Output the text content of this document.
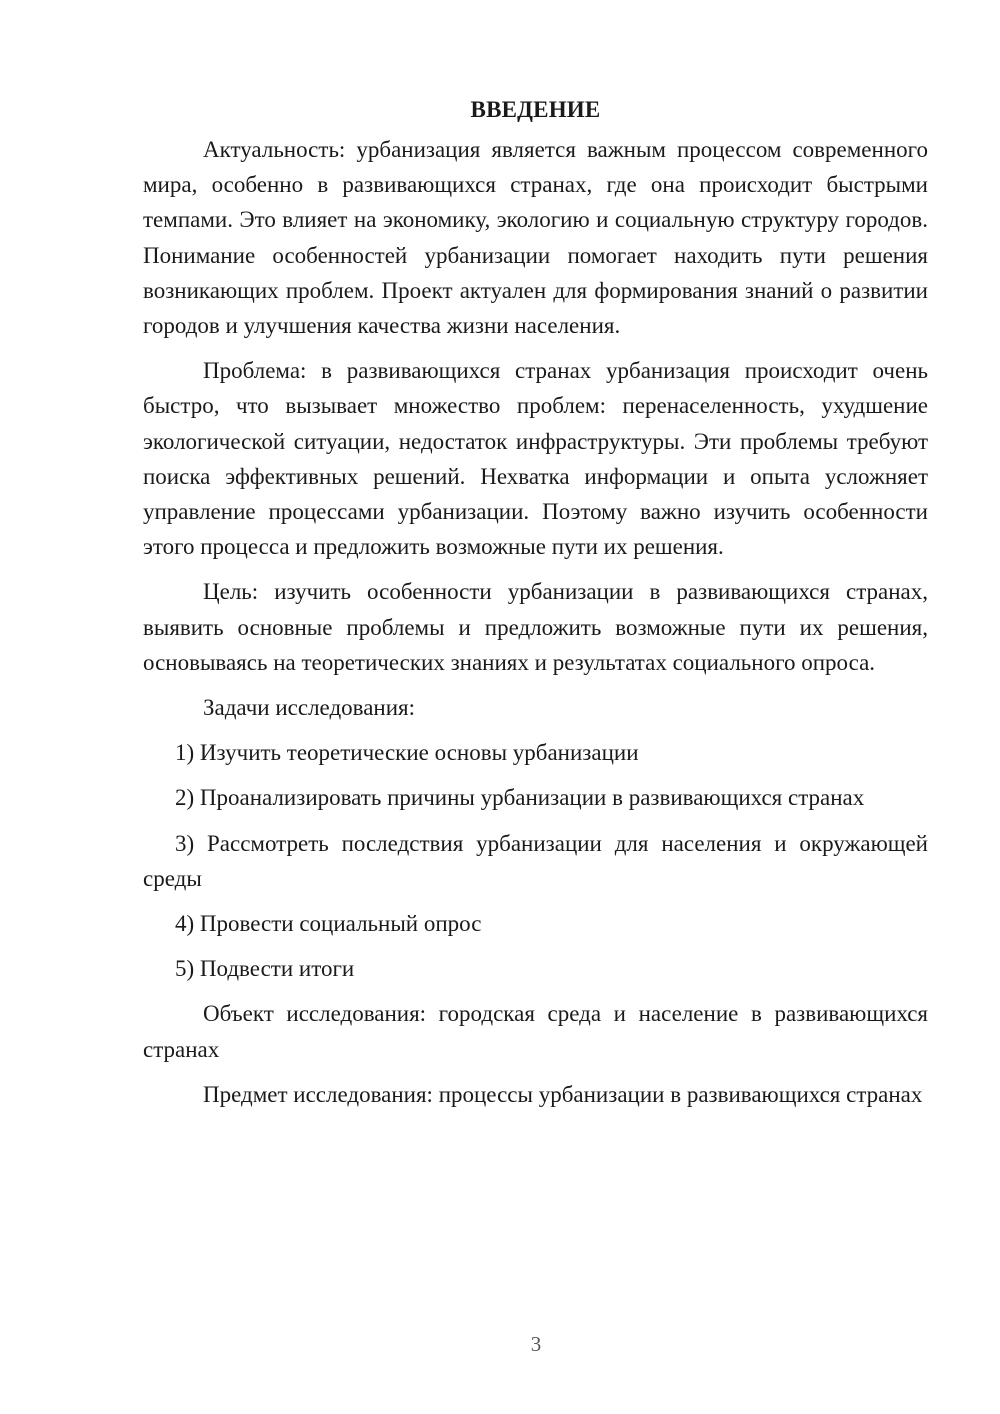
ВВЕДЕНИЕ

Актуальность: урбанизация является важным процессом современного мира, особенно в развивающихся странах, где она происходит быстрыми темпами. Это влияет на экономику, экологию и социальную структуру городов. Понимание особенностей урбанизации помогает находить пути решения возникающих проблем. Проект актуален для формирования знаний о развитии городов и улучшения качества жизни населения.

Проблема: в развивающихся странах урбанизация происходит очень быстро, что вызывает множество проблем: перенаселенность, ухудшение экологической ситуации, недостаток инфраструктуры. Эти проблемы требуют поиска эффективных решений. Нехватка информации и опыта усложняет управление процессами урбанизации. Поэтому важно изучить особенности этого процесса и предложить возможные пути их решения.

Цель: изучить особенности урбанизации в развивающихся странах, выявить основные проблемы и предложить возможные пути их решения, основываясь на теоретических знаниях и результатах социального опроса.

Задачи исследования:

1) Изучить теоретические основы урбанизации

2) Проанализировать причины урбанизации в развивающихся странах

3) Рассмотреть последствия урбанизации для населения и окружающей среды

4) Провести социальный опрос

5) Подвести итоги

Объект исследования: городская среда и население в развивающихся странах

Предмет исследования: процессы урбанизации в развивающихся странах

3
